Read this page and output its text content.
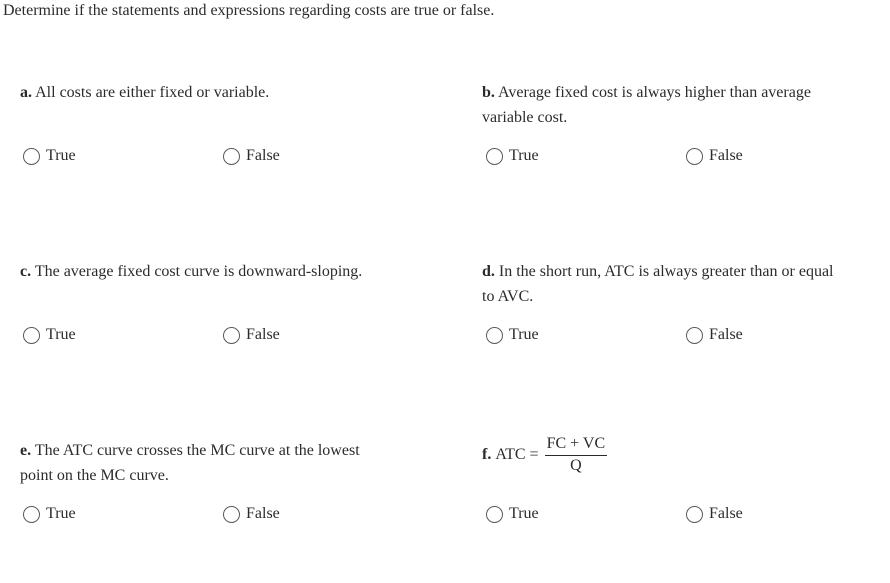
Determine if the statements and expressions regarding costs are true or false.
a. All costs are either fixed or variable.
True	False
b. Average fixed cost is always higher than average
variable cost.
True	False
c. The average fixed cost curve is downward-sloping.
True	False
d. In the short run, ATC is always greater than or equal
to AVC.
True	False
e. The ATC curve crosses the MC curve at the lowest
point on the MC curve.
True	False
f. ATC = $\frac{FC + VC}{Q}$
True	False
